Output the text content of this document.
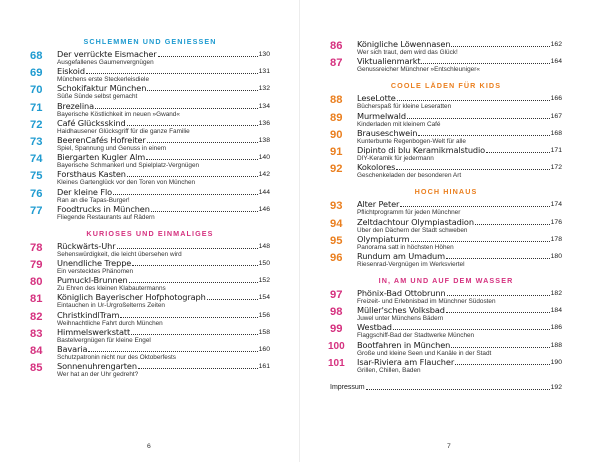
SCHLEMMEN UND GENIESSEN
68 Der verrückte Eismacher	130
Ausgefallenes Gaumenvergnügen
69 Eiskoid	131
Münchens erste Steckerleisdiele
70 Schokifaktur München	132
Süße Sünde selbst gemacht
71 Brezelina	134
Bayerische Köstlichkeit im neuen »Gwand«
72 Café Glücksskind	136
Haidhausener Glücksgriff für die ganze Familie
73 BeerenCafés Hofreiter	138
Spiel, Spannung und Genuss in einem
74 Biergarten Kugler Alm	140
Bayerische Schmankerl und Spielplatz-Vergnügen
75 Forsthaus Kasten	142
Kleines Gartenglück vor den Toren von München
76 Der kleine Flo	144
Ran an die Tapas-Burger!
77 Foodtrucks in München	146
Fliegende Restaurants auf Rädern
KURIOSES UND EINMALIGES
78 Rückwärts-Uhr	148
Sehenswürdigkeit, die leicht übersehen wird
79 Unendliche Treppe	150
Ein verstecktes Phänomen
80 Pumuckl-Brunnen	152
Zu Ehren des kleinen Klabautermanns
81 Königlich Bayerischer Hofphotograph	154
Eintauchen in Ur-Urgroßelterns Zeiten
82 ChristkindlTram	156
Weihnachtliche Fahrt durch München
83 Himmelswerkstatt	158
Bastelvergnügen für kleine Engel
84 Bavaria	160
Schutzpatronin nicht nur des Oktoberfests
85 Sonnenuhrengarten	161
Wer hat an der Uhr gedreht?
6
86 Königliche Löwennasen	162
Wer sich traut, dem wird das Glück!
87 Viktualienmarkt	164
Genussreicher Münchner »Entschleuniger«
COOLE LÄDEN FÜR KIDS
88 LeseLotte	166
Bücherspaß für kleine Leseratten
89 Murmelwald	167
Kinderladen mit kleinem Café
90 Brauseschwein	168
Kunterbunte Regenbogen-Welt für alle
91 Dipinto di blu Keramikmalstudio	171
DIY-Keramik für jedermann
92 Kokolores	172
Geschenkeladen der besonderen Art
HOCH HINAUS
93 Alter Peter	174
Pflichtprogramm für jeden Münchner
94 Zeltdachtour Olympiastadion	176
Über den Dächern der Stadt schweben
95 Olympiaturm	178
Panorama satt in höchsten Höhen
96 Rundum am Umadum	180
Riesenrad-Vergnügen im Werksviertel
IN, AM UND AUF DEM WASSER
97 Phönix-Bad Ottobrunn	182
Freizeit- und Erlebnisbad im Münchner Südosten
98 Müller'sches Volksbad	184
Juwel unter Münchens Bädern
99 Westbad	186
Flaggschiff-Bad der Stadtwerke München
100 Bootfahren in München	188
Große und kleine Seen und Kanäle in der Stadt
101 Isar-Riviera am Flaucher	190
Grillen, Chillen, Baden
Impressum	192
7
